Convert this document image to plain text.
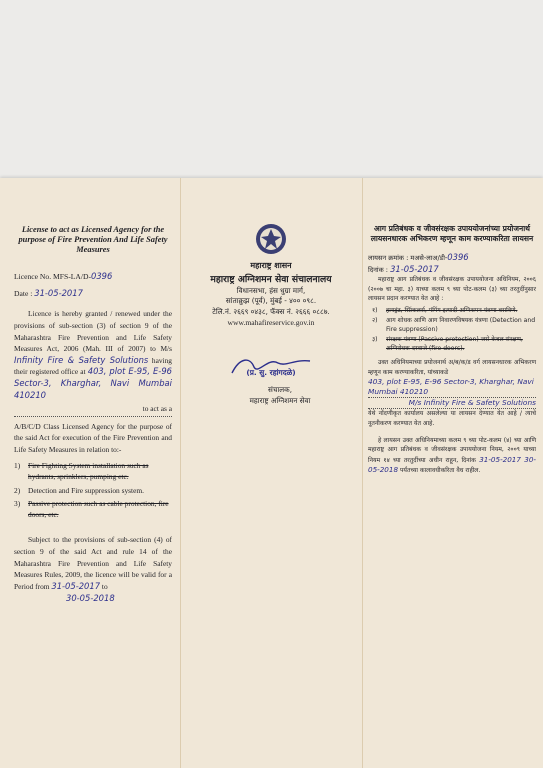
License to act as Licensed Agency for the purpose of Fire Prevention And Life Safety Measures
Licence No. MFS-LA/D-0396
Date : 31-05-2017
Licence is hereby granted / renewed under the provisions of sub-section (3) of section 9 of the Maharashtra Fire Prevention and Life Safety Measures Act, 2006 (Mah. III of 2007) to M/s Infinity Fire & Safety Solutions having their registered office at 403, plot E-95, E-96 Sector-3, Kharghar, Navi Mumbai 410210
to act as a
A/B/C/D Class Licensed Agency for the purpose of the said Act for execution of the Fire Prevention and Life Safety Measures in relation to:-
1)	Fire Fighting System installation such as hydrants, sprinklers, pumping etc.
2)	Detection and Fire suppression system.
3)	Passive protection such as cable protection, fire doors, etc.
Subject to the provisions of sub-section (4) of section 9 of the said Act and rule 14 of the Maharashtra Fire Prevention and Life Safety Measures Rules, 2009, the licence will be valid for a Period from 31-05-2017 to
30-05-2018
महाराष्ट्र शासन
महाराष्ट्र अग्निशमन सेवा संचालनालय
विधानसभा, हंस धुग्रा मार्ग,
सांताक्रुझ (पूर्व), मुंबई - ४०० ०९८.
टेलि.नं. २६६९ ०४३८, फॅक्स नं. २६६६ ०८८७.
www.mahafireservice.gov.in
(प्र. सु. रहांगदळे)
संचालक,
महाराष्ट्र अग्निशमन सेवा
आग प्रतिबंधक व जीवसंरक्षक उपाययोजनांच्या प्रयोजनार्थ लायसनधारक अभिकरण म्हणून काम करण्याकरिता लायसन
लायसन क्रमांक : मअसे-लाअ/डी-0396
दिनांक : 31-05-2017
महाराष्ट्र आग प्रतिबंधक व जीवसंरक्षक उपाययोजना अधिनियम, २००६ (२००७ चा महा. ३) याच्या कलम ९ च्या पोट-कलम (३) च्या तरतुदींनुसार लायसन प्रदान करण्यात येत आहे :
१)	हायड्रंट, स्प्रिंकलर्स, पंपिंग इत्यादी अग्निशमन यंत्रणा बसविणे.
२)	आग शोधक आणि आग निवारणविषयक यंत्रणा (Detection and Fire suppression)
३)	संरक्षक यंत्रणा (Passive protection) जसे केबल संरक्षण, अग्निरोधक दरवाजे (fire doors).
उक्त अधिनियमाच्या प्रयोजनार्थ अ/ब/क/ड वर्ग लायसनधारक अभिकरण म्हणून काम करण्याकरिता, यांच्याकडे
403, plot E-95, E-96 Sector-3, Kharghar, Navi Mumbai 410210
M/s Infinity Fire & Safety Solutions
येथे नोंदणीकृत कार्यालय असलेल्या या लायसन देण्यात येत आहे / त्याचे नूतनीकरण करण्यात येत आहे.
हे लायसन उक्त अधिनियमाच्या कलम ९ च्या पोट-कलम (४) च्या आणि महाराष्ट्र आग प्रतिबंधक व जीवसंरक्षक उपाययोजना नियम, २००९ याच्या नियम १४ च्या तरतुदींच्या अधीन राहून, दिनांक 31-05-2017 30-05-2018 पर्यंतच्या कालावधीकरिता वैध राहील.
